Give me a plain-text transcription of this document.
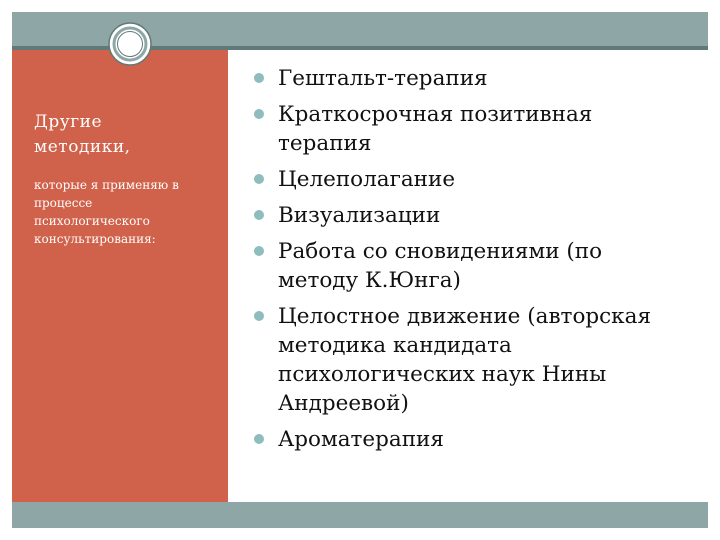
Другие
методики,
которые я применяю в
процессе
психологического
консультирования:
Гештальт-терапия
Краткосрочная позитивная
терапия
Целеполагание
Визуализации
Работа со сновидениями (по
методу К.Юнга)
Целостное движение (авторская
методика кандидата
психологических наук Нины
Андреевой)
Ароматерапия
